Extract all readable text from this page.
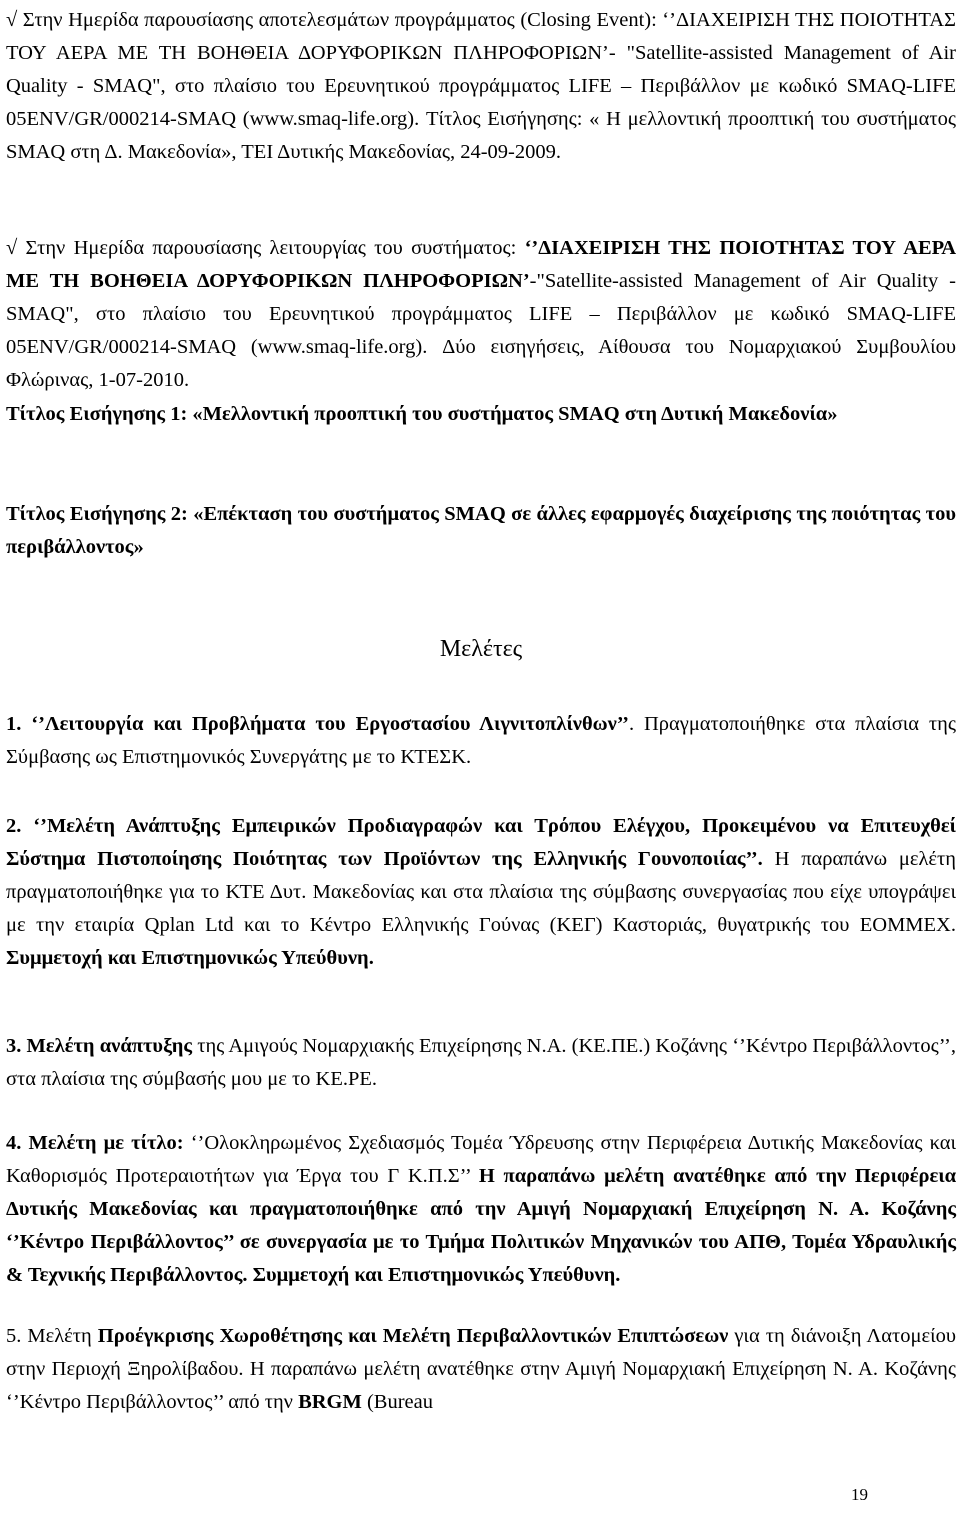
√ Στην Ημερίδα παρουσίασης αποτελεσμάτων προγράμματος (Closing Event): ‘’ΔΙΑΧΕΙΡΙΣΗ ΤΗΣ ΠΟΙΟΤΗΤΑΣ ΤΟΥ ΑΕΡΑ ΜΕ ΤΗ ΒΟΗΘΕΙΑ ΔΟΡΥΦΟΡΙΚΩΝ ΠΛΗΡΟΦΟΡΙΩΝ’- "Satellite-assisted Management of Air Quality - SMAQ", στο πλαίσιο του Ερευνητικού προγράμματος LIFE – Περιβάλλον με κωδικό SMAQ-LIFE 05ENV/GR/000214-SMAQ (www.smaq-life.org). Τίτλος Εισήγησης: « Η μελλοντική προοπτική του συστήματος SMAQ στη Δ. Μακεδονία», ΤΕΙ Δυτικής Μακεδονίας, 24-09-2009.

√ Στην Ημερίδα παρουσίασης λειτουργίας του συστήματος: ‘’ΔΙΑΧΕΙΡΙΣΗ ΤΗΣ ΠΟΙΟΤΗΤΑΣ ΤΟΥ ΑΕΡΑ ΜΕ ΤΗ ΒΟΗΘΕΙΑ ΔΟΡΥΦΟΡΙΚΩΝ ΠΛΗΡΟΦΟΡΙΩΝ’-"Satellite-assisted Management of Air Quality - SMAQ", στο πλαίσιο του Ερευνητικού προγράμματος LIFE – Περιβάλλον με κωδικό SMAQ-LIFE 05ENV/GR/000214-SMAQ (www.smaq-life.org). Δύο εισηγήσεις, Αίθουσα του Νομαρχιακού Συμβουλίου Φλώρινας, 1-07-2010.

Τίτλος Εισήγησης 1: «Μελλοντική προοπτική του συστήματος SMAQ στη Δυτική Μακεδονία»

Τίτλος Εισήγησης 2: «Επέκταση του συστήματος SMAQ σε άλλες εφαρμογές διαχείρισης της ποιότητας του περιβάλλοντος»

Μελέτες

1. ‘’Λειτουργία και Προβλήματα του Εργοστασίου Λιγνιτοπλίνθων’’. Πραγματοποιήθηκε στα πλαίσια της Σύμβασης ως Επιστημονικός Συνεργάτης με το ΚΤΕΣΚ.

2. ‘’Μελέτη Ανάπτυξης Εμπειρικών Προδιαγραφών και Τρόπου Ελέγχου, Προκειμένου να Επιτευχθεί Σύστημα Πιστοποίησης Ποιότητας των Προϊόντων της Ελληνικής Γουνοποιίας’’. Η παραπάνω μελέτη πραγματοποιήθηκε για το ΚΤΕ Δυτ. Μακεδονίας και στα πλαίσια της σύμβασης συνεργασίας που είχε υπογράψει με την εταιρία Qplan Ltd και το Κέντρο Ελληνικής Γούνας (ΚΕΓ) Καστοριάς, θυγατρικής του ΕΟΜΜΕΧ. Συμμετοχή και Επιστημονικώς Υπεύθυνη.

3. Μελέτη ανάπτυξης της Αμιγούς Νομαρχιακής Επιχείρησης Ν.Α. (ΚΕ.ΠΕ.) Κοζάνης ‘’Κέντρο Περιβάλλοντος’’, στα πλαίσια της σύμβασής μου με το ΚΕ.ΡΕ.

4. Μελέτη με τίτλο: ‘’Ολοκληρωμένος Σχεδιασμός Τομέα Ύδρευσης στην Περιφέρεια Δυτικής Μακεδονίας και Καθορισμός Προτεραιοτήτων για Έργα του Γ Κ.Π.Σ’’ Η παραπάνω μελέτη ανατέθηκε από την Περιφέρεια Δυτικής Μακεδονίας και πραγματοποιήθηκε από την Αμιγή Νομαρχιακή Επιχείρηση Ν. Α. Κοζάνης ‘’Κέντρο Περιβάλλοντος’’ σε συνεργασία με το Τμήμα Πολιτικών Μηχανικών του ΑΠΘ, Τομέα Υδραυλικής & Τεχνικής Περιβάλλοντος. Συμμετοχή και Επιστημονικώς Υπεύθυνη.

5. Μελέτη Προέγκρισης Χωροθέτησης και Μελέτη Περιβαλλοντικών Επιπτώσεων για τη διάνοιξη Λατομείου στην Περιοχή Ξηρολίβαδου. Η παραπάνω μελέτη ανατέθηκε στην Αμιγή Νομαρχιακή Επιχείρηση Ν. Α. Κοζάνης ‘’Κέντρο Περιβάλλοντος’’ από την BRGM (Bureau

19
